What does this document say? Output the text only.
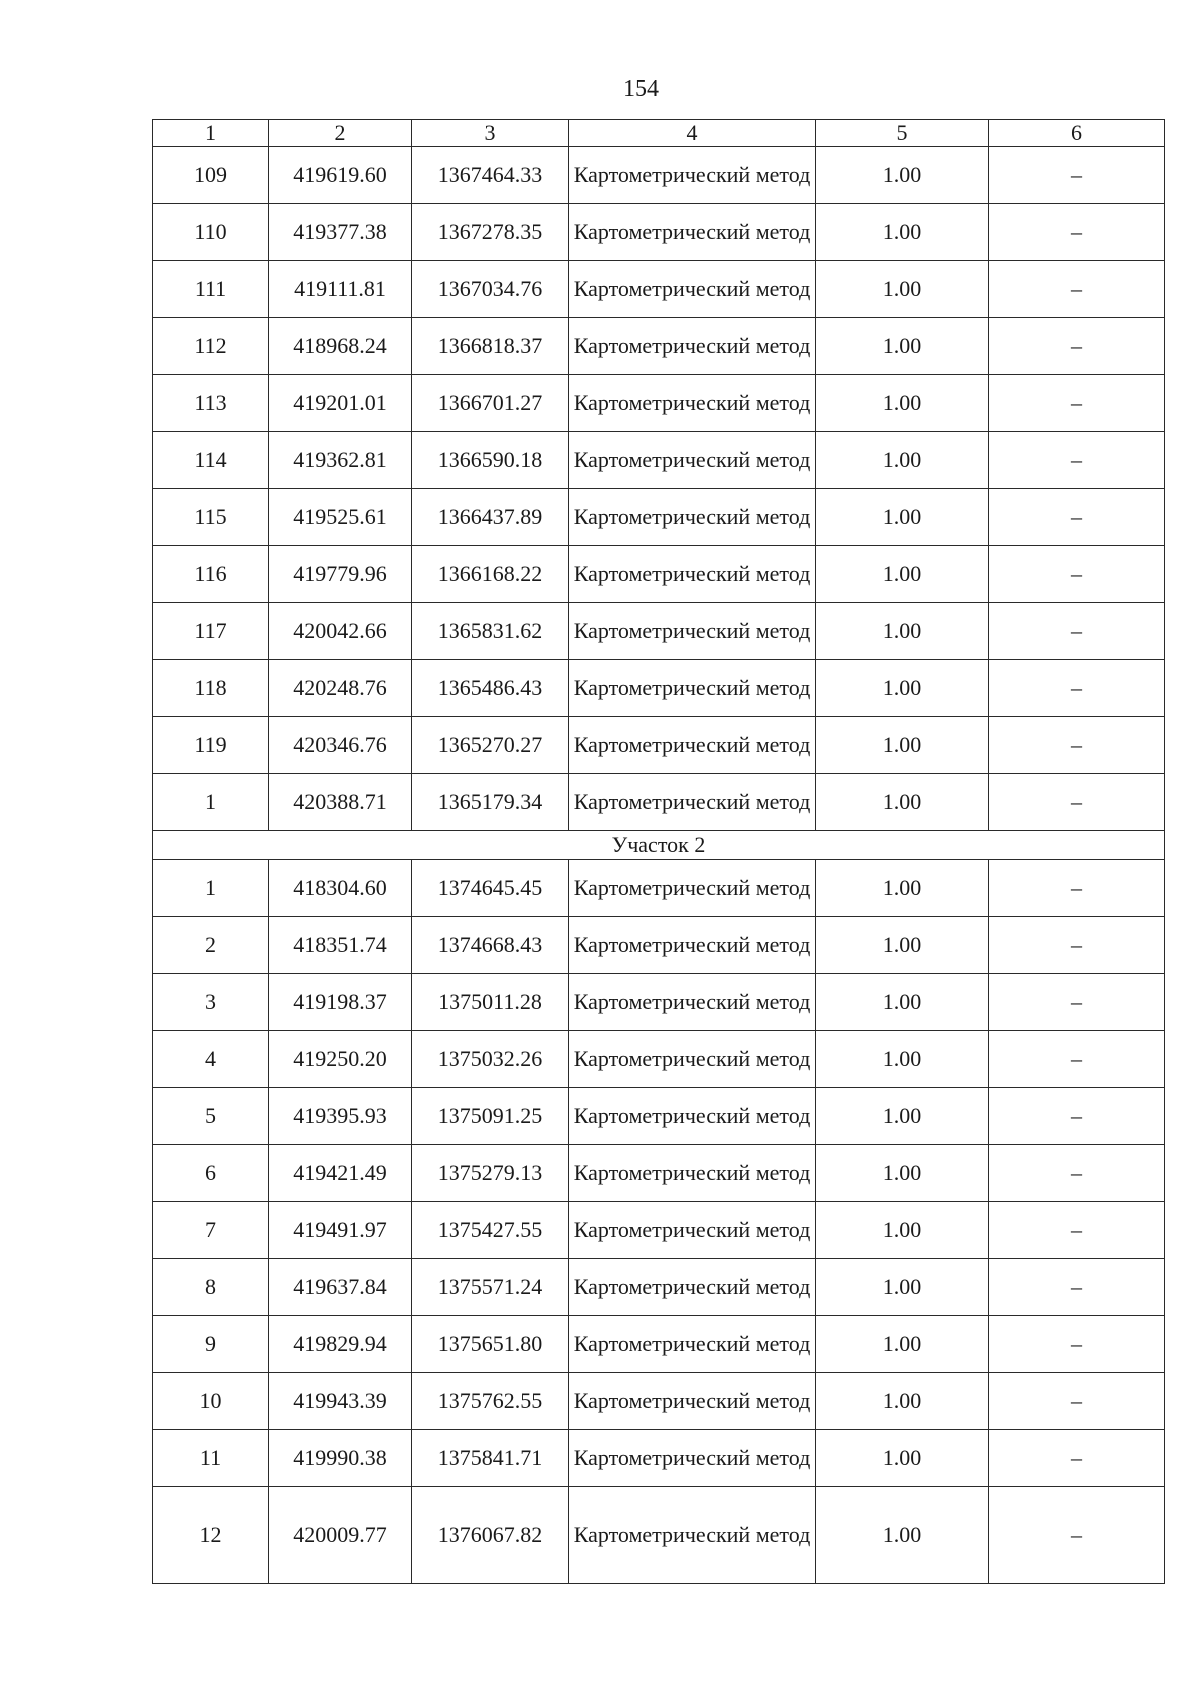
154
1	2	3	4	5	6
109	419619.60	1367464.33	Картометрический метод	1.00	–
110	419377.38	1367278.35	Картометрический метод	1.00	–
111	419111.81	1367034.76	Картометрический метод	1.00	–
112	418968.24	1366818.37	Картометрический метод	1.00	–
113	419201.01	1366701.27	Картометрический метод	1.00	–
114	419362.81	1366590.18	Картометрический метод	1.00	–
115	419525.61	1366437.89	Картометрический метод	1.00	–
116	419779.96	1366168.22	Картометрический метод	1.00	–
117	420042.66	1365831.62	Картометрический метод	1.00	–
118	420248.76	1365486.43	Картометрический метод	1.00	–
119	420346.76	1365270.27	Картометрический метод	1.00	–
1	420388.71	1365179.34	Картометрический метод	1.00	–
Участок 2					
1	418304.60	1374645.45	Картометрический метод	1.00	–
2	418351.74	1374668.43	Картометрический метод	1.00	–
3	419198.37	1375011.28	Картометрический метод	1.00	–
4	419250.20	1375032.26	Картометрический метод	1.00	–
5	419395.93	1375091.25	Картометрический метод	1.00	–
6	419421.49	1375279.13	Картометрический метод	1.00	–
7	419491.97	1375427.55	Картометрический метод	1.00	–
8	419637.84	1375571.24	Картометрический метод	1.00	–
9	419829.94	1375651.80	Картометрический метод	1.00	–
10	419943.39	1375762.55	Картометрический метод	1.00	–
11	419990.38	1375841.71	Картометрический метод	1.00	–
12	420009.77	1376067.82	Картометрический метод	1.00	–
